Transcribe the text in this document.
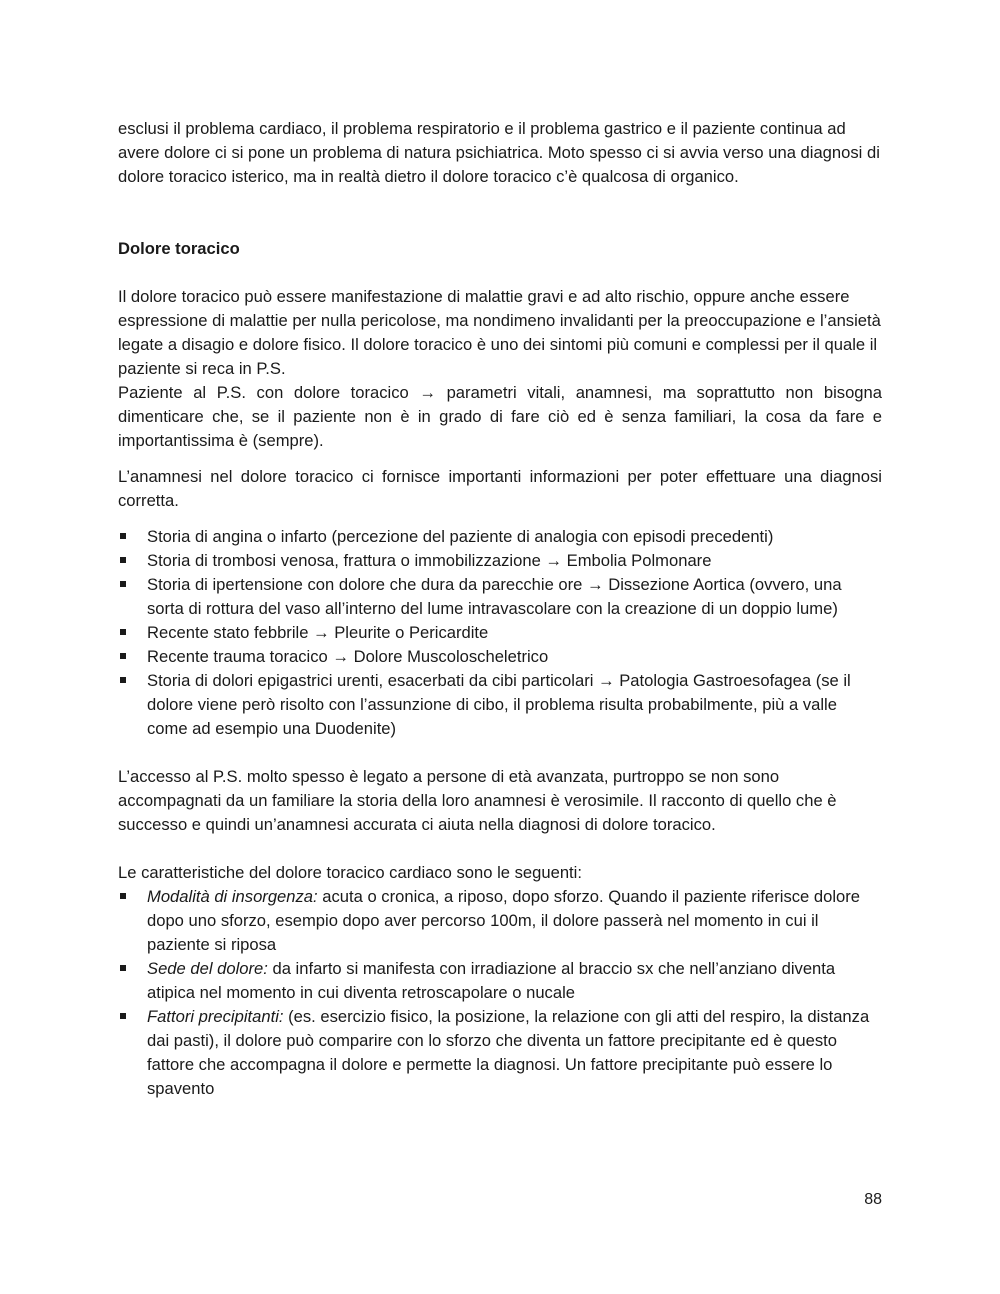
esclusi il problema cardiaco, il problema respiratorio e il problema gastrico e il paziente continua ad avere dolore ci si pone un problema di natura psichiatrica. Moto spesso ci si avvia verso una diagnosi di dolore toracico isterico, ma in realtà dietro il dolore toracico c’è qualcosa di organico.

Dolore toracico

Il dolore toracico può essere manifestazione di malattie gravi e ad alto rischio, oppure anche essere espressione di malattie per nulla pericolose, ma nondimeno invalidanti per la preoccupazione e l’ansietà legate a disagio e dolore fisico. Il dolore toracico è uno dei sintomi più comuni e complessi per il quale il paziente si reca in P.S.

Paziente al P.S. con dolore toracico → parametri vitali, anamnesi, ma soprattutto non bisogna dimenticare che, se il paziente non è in grado di fare ciò ed è senza familiari, la cosa da fare e importantissima è (sempre).

L’anamnesi nel dolore toracico ci fornisce importanti informazioni per poter effettuare una diagnosi corretta.

Storia di angina o infarto (percezione del paziente di analogia con episodi precedenti)
Storia di trombosi venosa, frattura o immobilizzazione → Embolia Polmonare
Storia di ipertensione con dolore che dura da parecchie ore → Dissezione Aortica (ovvero, una sorta di rottura del vaso all’interno del lume intravascolare con la creazione di un doppio lume)
Recente stato febbrile → Pleurite o Pericardite
Recente trauma toracico → Dolore Muscoloscheletrico
Storia di dolori epigastrici urenti, esacerbati da cibi particolari → Patologia Gastroesofagea (se il dolore viene però risolto con l’assunzione di cibo, il problema risulta probabilmente, più a valle come ad esempio una Duodenite)

L’accesso al P.S. molto spesso è legato a persone di età avanzata, purtroppo se non sono accompagnati da un familiare la storia della loro anamnesi è verosimile. Il racconto di quello che è successo e quindi un’anamnesi accurata ci aiuta nella diagnosi di dolore toracico.

Le caratteristiche del dolore toracico cardiaco sono le seguenti:

Modalità di insorgenza: acuta o cronica, a riposo, dopo sforzo. Quando il paziente riferisce dolore dopo uno sforzo, esempio dopo aver percorso 100m, il dolore passerà nel momento in cui il paziente si riposa
Sede del dolore: da infarto si manifesta con irradiazione al braccio sx che nell’anziano diventa atipica nel momento in cui diventa retroscapolare o nucale
Fattori precipitanti: (es. esercizio fisico, la posizione, la relazione con gli atti del respiro, la distanza dai pasti), il dolore può comparire con lo sforzo che diventa un fattore precipitante ed è questo fattore che accompagna il dolore e permette la diagnosi. Un fattore precipitante può essere lo spavento
88
